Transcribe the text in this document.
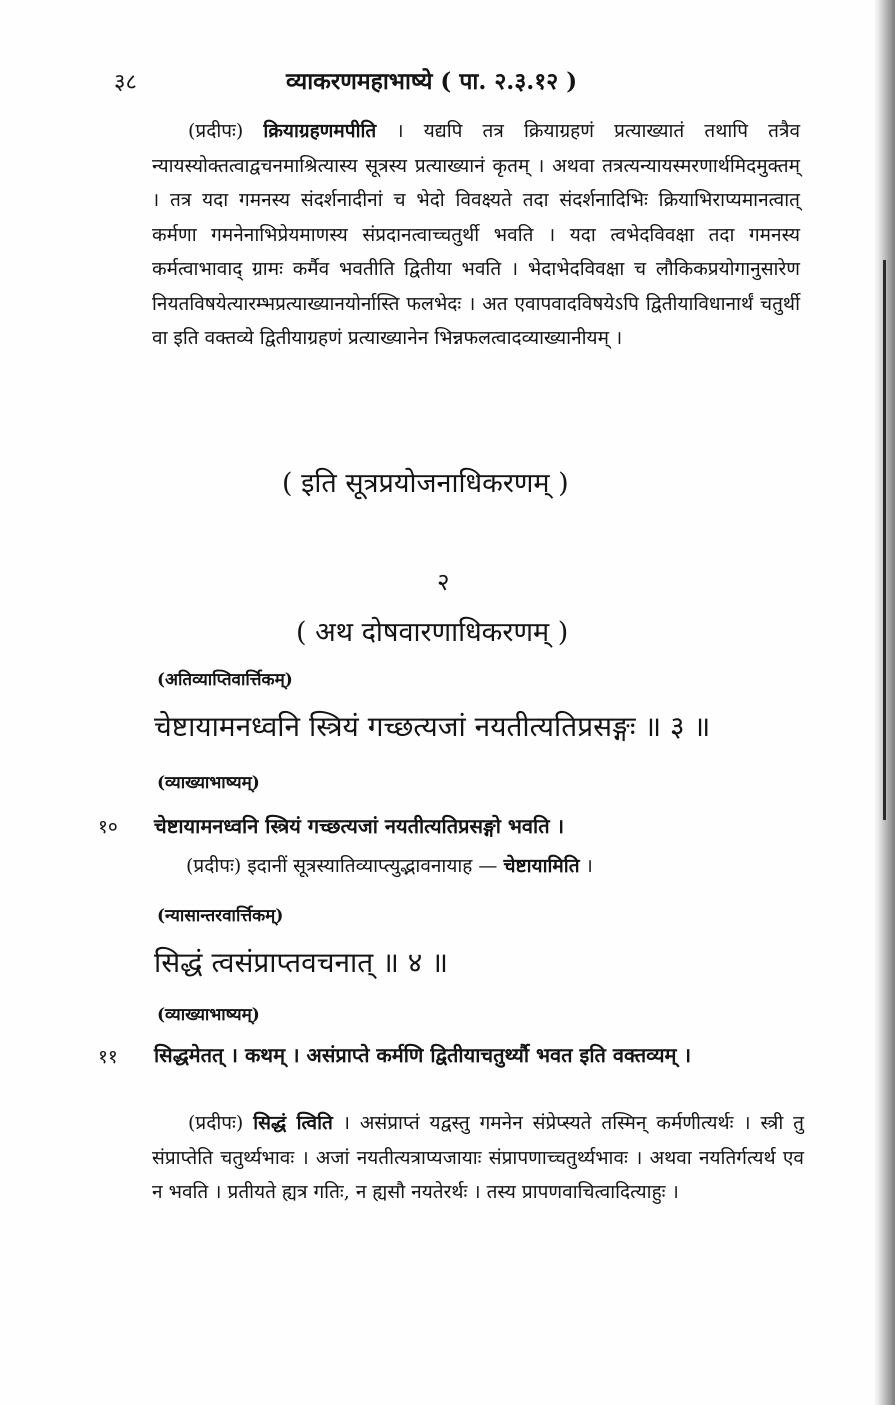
३८	व्याकरणमहाभाष्ये ( पा. २.३.१२ )
(प्रदीपः) क्रियाग्रहणमपीति । यद्यपि तत्र क्रियाग्रहणं प्रत्याख्यातं तथापि तत्रैव न्यायस्योक्तत्वाद्वचनमाश्रित्यास्य सूत्रस्य प्रत्याख्यानं कृतम् । अथवा तत्रत्यन्यायस्मरणार्थमिदमुक्तम् । तत्र यदा गमनस्य संदर्शनादीनां च भेदो विवक्ष्यते तदा संदर्शनादिभिः क्रियाभिराप्यमानत्वात् कर्मणा गमनेनाभिप्रेयमाणस्य संप्रदानत्वाच्चतुर्थी भवति । यदा त्वभेदविवक्षा तदा गमनस्य कर्मत्वाभावाद् ग्रामः कर्मैव भवतीति द्वितीया भवति । भेदाभेदविवक्षा च लौकिकप्रयोगानुसारेण नियतविषयेत्यारम्भप्रत्याख्यानयोर्नास्ति फलभेदः । अत एवापवादविषयेऽपि द्वितीयाविधानार्थं चतुर्थी वा इति वक्तव्ये द्वितीयाग्रहणं प्रत्याख्यानेन भिन्नफलत्वादव्याख्यानीयम् ।
( इति सूत्रप्रयोजनाधिकरणम् )
२
( अथ दोषवारणाधिकरणम् )
(अतिव्याप्तिवार्त्तिकम्)
चेष्टायामनध्वनि स्त्रियं गच्छत्यजां नयतीत्यतिप्रसङ्गः ॥ ३ ॥
(व्याख्याभाष्यम्)
१० चेष्टायामनध्वनि स्त्रियं गच्छत्यजां नयतीत्यतिप्रसङ्गो भवति ।
(प्रदीपः) इदानीं सूत्रस्यातिव्याप्त्युद्भावनायाह — चेष्टायामिति ।
(न्यासान्तरवार्त्तिकम्)
सिद्धं त्वसंप्राप्तवचनात् ॥ ४ ॥
(व्याख्याभाष्यम्)
११ सिद्धमेतत् । कथम् । असंप्राप्ते कर्मणि द्वितीयाचतुर्थ्यौ भवत इति वक्तव्यम् ।
(प्रदीपः) सिद्धं त्विति । असंप्राप्तं यद्वस्तु गमनेन संप्रेप्स्यते तस्मिन् कर्मणीत्यर्थः । स्त्री तु संप्राप्तेति चतुर्थ्यभावः । अजां नयतीत्यत्राप्यजायाः संप्रापणाच्चतुर्थ्यभावः । अथवा नयतिर्गत्यर्थ एव न भवति । प्रतीयते ह्यत्र गतिः, न ह्यसौ नयतेरर्थः । तस्य प्रापणवाचित्वादित्याहुः ।
